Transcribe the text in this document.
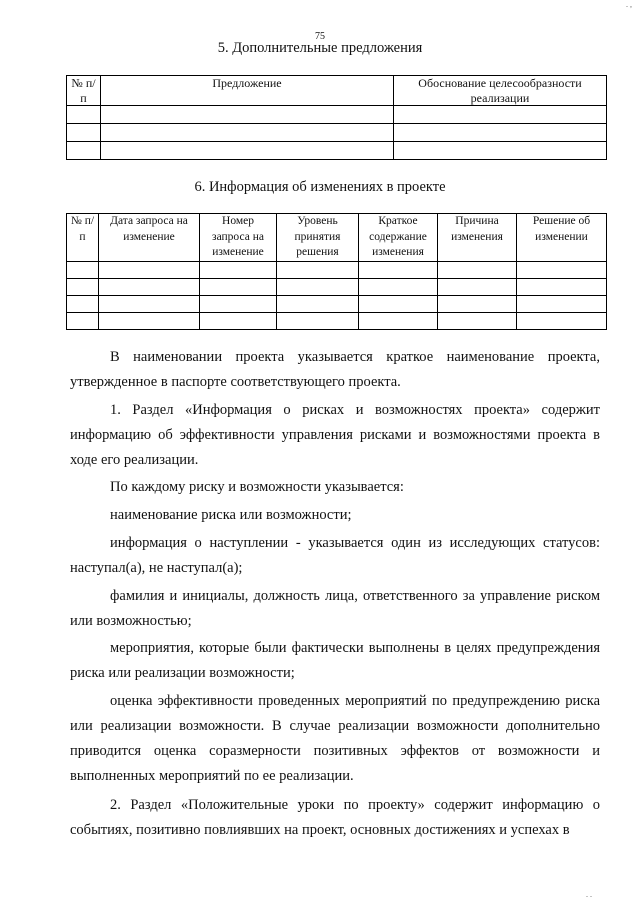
75
5. Дополнительные предложения
№ п/п	Предложение	Обоснование целесообразности реализации

6. Информация об изменениях в проекте
№ п/п	Дата запроса на изменение	Номер запроса на изменение	Уровень принятия решения	Краткое содержание изменения	Причина изменения	Решение об изменении

В наименовании проекта указывается краткое наименование проекта, утвержденное в паспорте соответствующего проекта.

1. Раздел «Информация о рисках и возможностях проекта» содержит информацию об эффективности управления рисками и возможностями проекта в ходе его реализации.

По каждому риску и возможности указывается:

наименование риска или возможности;

информация о наступлении - указывается один из исследующих статусов: наступал(а), не наступал(а);

фамилия и инициалы, должность лица, ответственного за управление риском или возможностью;

мероприятия, которые были фактически выполнены в целях предупреждения риска или реализации возможности;

оценка эффективности проведенных мероприятий по предупреждению риска или реализации возможности. В случае реализации возможности дополнительно приводится оценка соразмерности позитивных эффектов от возможности и выполненных мероприятий по ее реализации.

2. Раздел «Положительные уроки по проекту» содержит информацию о событиях, позитивно повлиявших на проект, основных достижениях и успехах в

. ,
. .
